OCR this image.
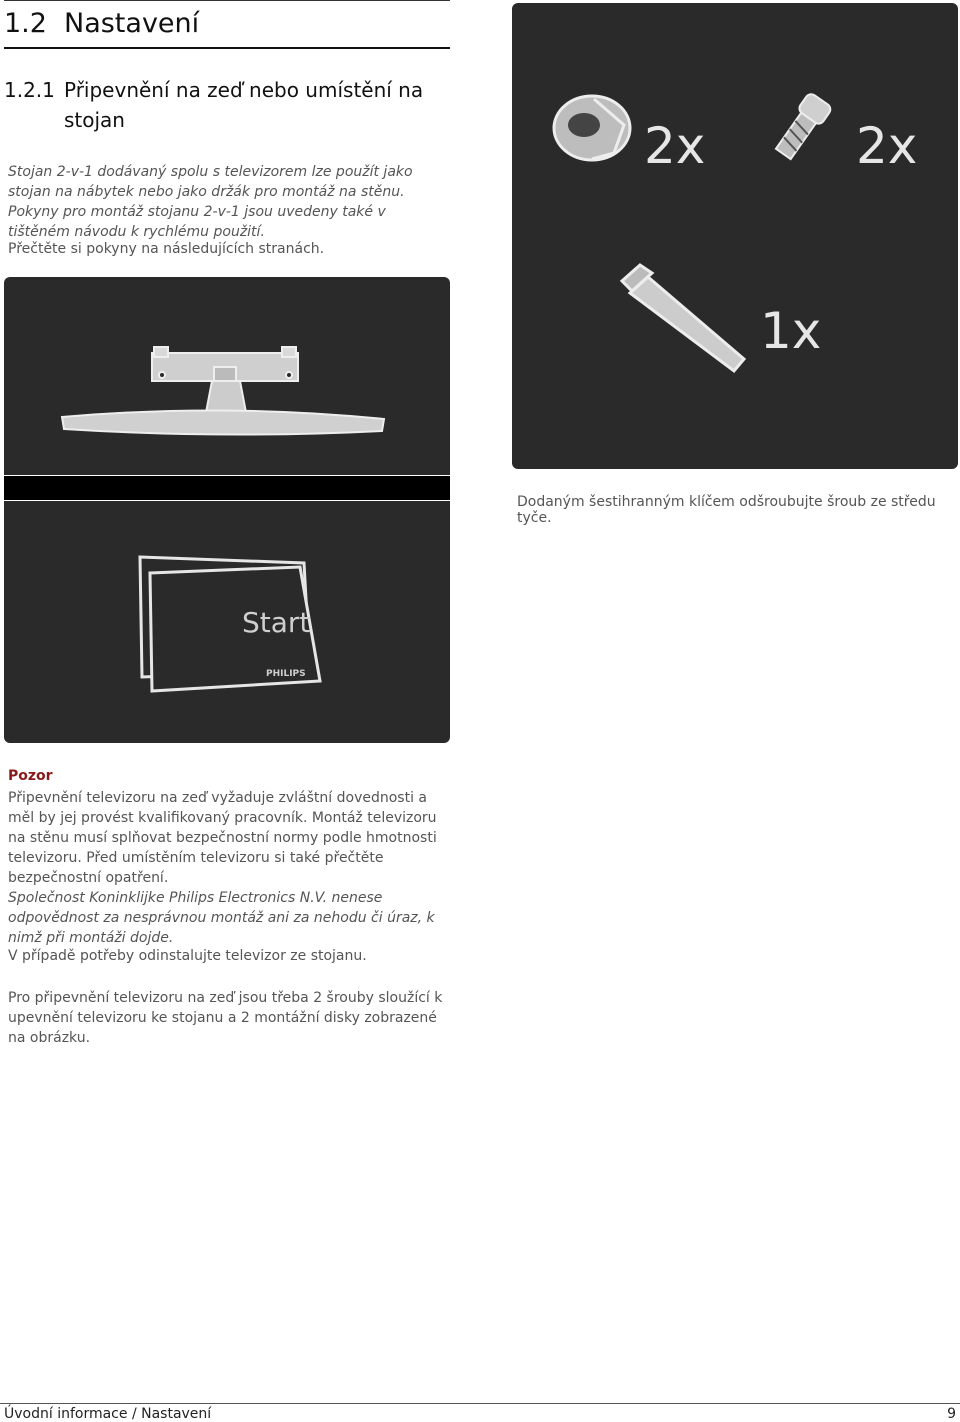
1.2 Nastavení
1.2.1 Připevnění na zeď nebo umístění na stojan

Stojan 2-v-1 dodávaný spolu s televizorem lze použít jako stojan na nábytek nebo jako držák pro montáž na stěnu. Pokyny pro montáž stojanu 2-v-1 jsou uvedeny také v tištěném návodu k rychlému použití.

Přečtěte si pokyny na následujících stranách.

2x	2x
1x

Dodaným šestihranným klíčem odšroubujte šroub ze středu tyče.

Start
PHILIPS

Pozor

Připevnění televizoru na zeď vyžaduje zvláštní dovednosti a měl by jej provést kvalifikovaný pracovník. Montáž televizoru na stěnu musí splňovat bezpečnostní normy podle hmotnosti televizoru. Před umístěním televizoru si také přečtěte bezpečnostní opatření.

Společnost Koninklijke Philips Electronics N.V. nenese odpovědnost za nesprávnou montáž ani za nehodu či úraz, k nimž při montáži dojde.

V případě potřeby odinstalujte televizor ze stojanu.

Pro připevnění televizoru na zeď jsou třeba 2 šrouby sloužící k upevnění televizoru ke stojanu a 2 montážní disky zobrazené na obrázku.

Úvodní informace / Nastavení	9
